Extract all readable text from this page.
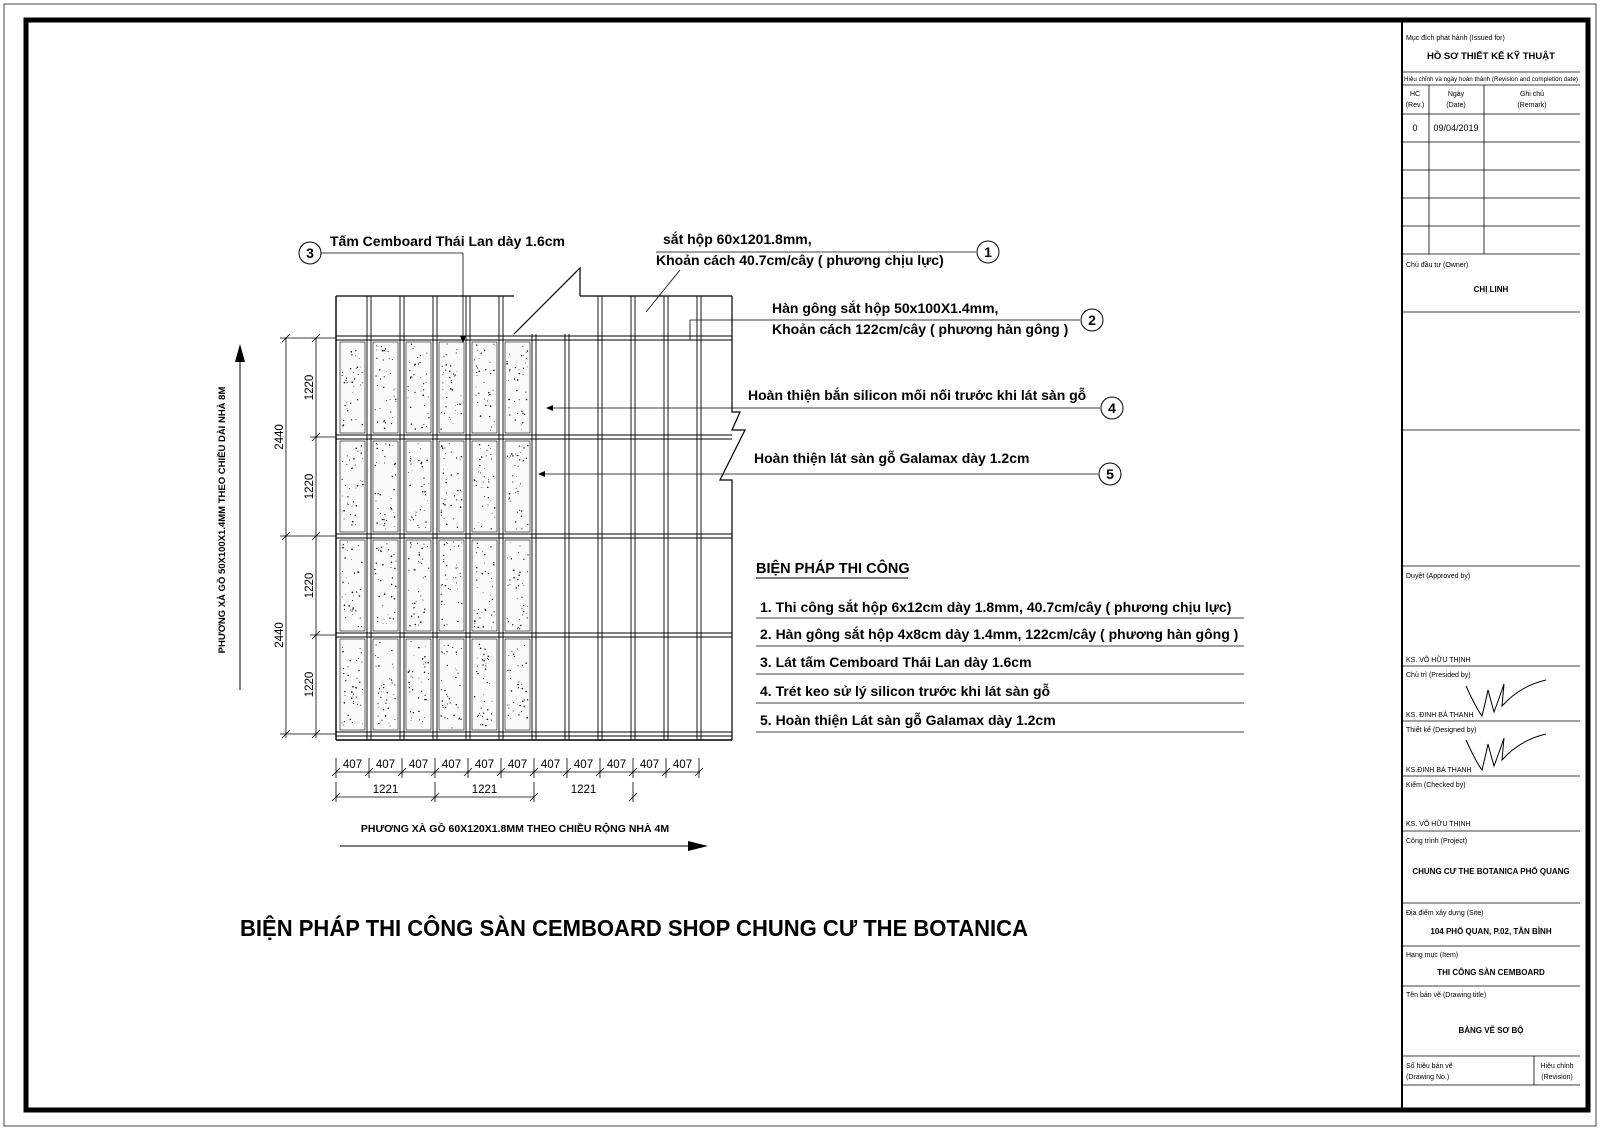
1220
1220
1220
1220
2440
2440
407 407 407 407 407 407 407 407 407 407 407
1221	1221	1221
PHƯƠNG XÀ GỒ 50X100X1.4MM THEO CHIỀU DÀI NHÀ 8M
PHƯƠNG XÀ GỒ 60X120X1.8MM THEO CHIỀU RỘNG NHÀ 4M
sắt hộp 60x1201.8mm,
Khoản cách 40.7cm/cây ( phương chịu lực)	1
Hàn gông sắt hộp 50x100X1.4mm,
Khoản cách 122cm/cây ( phương hàn gông )
2
3
Tấm Cemboard Thái Lan dày 1.6cm
Hoàn thiện bắn silicon mối nối trước khi lát sàn gỗ
4
Hoàn thiện lát sàn gỗ Galamax dày 1.2cm
5
BIỆN PHÁP THI CÔNG
1. Thi công sắt hộp 6x12cm dày 1.8mm, 40.7cm/cây ( phương chịu lực)
2. Hàn gông sắt hộp 4x8cm dày 1.4mm, 122cm/cây ( phương hàn gông )
3. Lát tấm Cemboard Thái Lan dày 1.6cm
4. Trét keo sử lý silicon trước khi lát sàn gỗ
5. Hoàn thiện Lát sàn gỗ Galamax dày 1.2cm
BIỆN PHÁP THI CÔNG SÀN CEMBOARD SHOP CHUNG CƯ THE BOTANICA
Mục đích phát hành (Issued for)
HỒ SƠ THIẾT KẾ KỸ THUẬT
Hiệu chỉnh và ngày hoàn thành (Revision and completion date)
HC
(Rev.)
Ngày
(Date)
Ghi chú
(Remark)
0 09/04/2019
Chủ đầu tư (Owner)
CHỊ LINH
Duyệt (Approved by)
KS. VÕ HỮU THỊNH
Chủ trì (Presided by)
KS. ĐINH BÁ THANH
Thiết kế (Designed by)
KS.ĐINH BÁ THANH
Kiểm (Checked by)
KS. VÕ HỮU THỊNH
Công trình (Project)
CHUNG CƯ THE BOTANICA PHỔ QUANG
Địa điểm xây dựng (Site)
104 PHỔ QUAN, P.02, TÂN BÌNH
Hạng mục (Item)
THI CÔNG SÀN CEMBOARD
Tên bản vẽ (Drawing title)
BẢNG VẼ SƠ BỘ
Số hiệu bản vẽ
(Drawing No.)
Hiệu chỉnh
(Revision)
